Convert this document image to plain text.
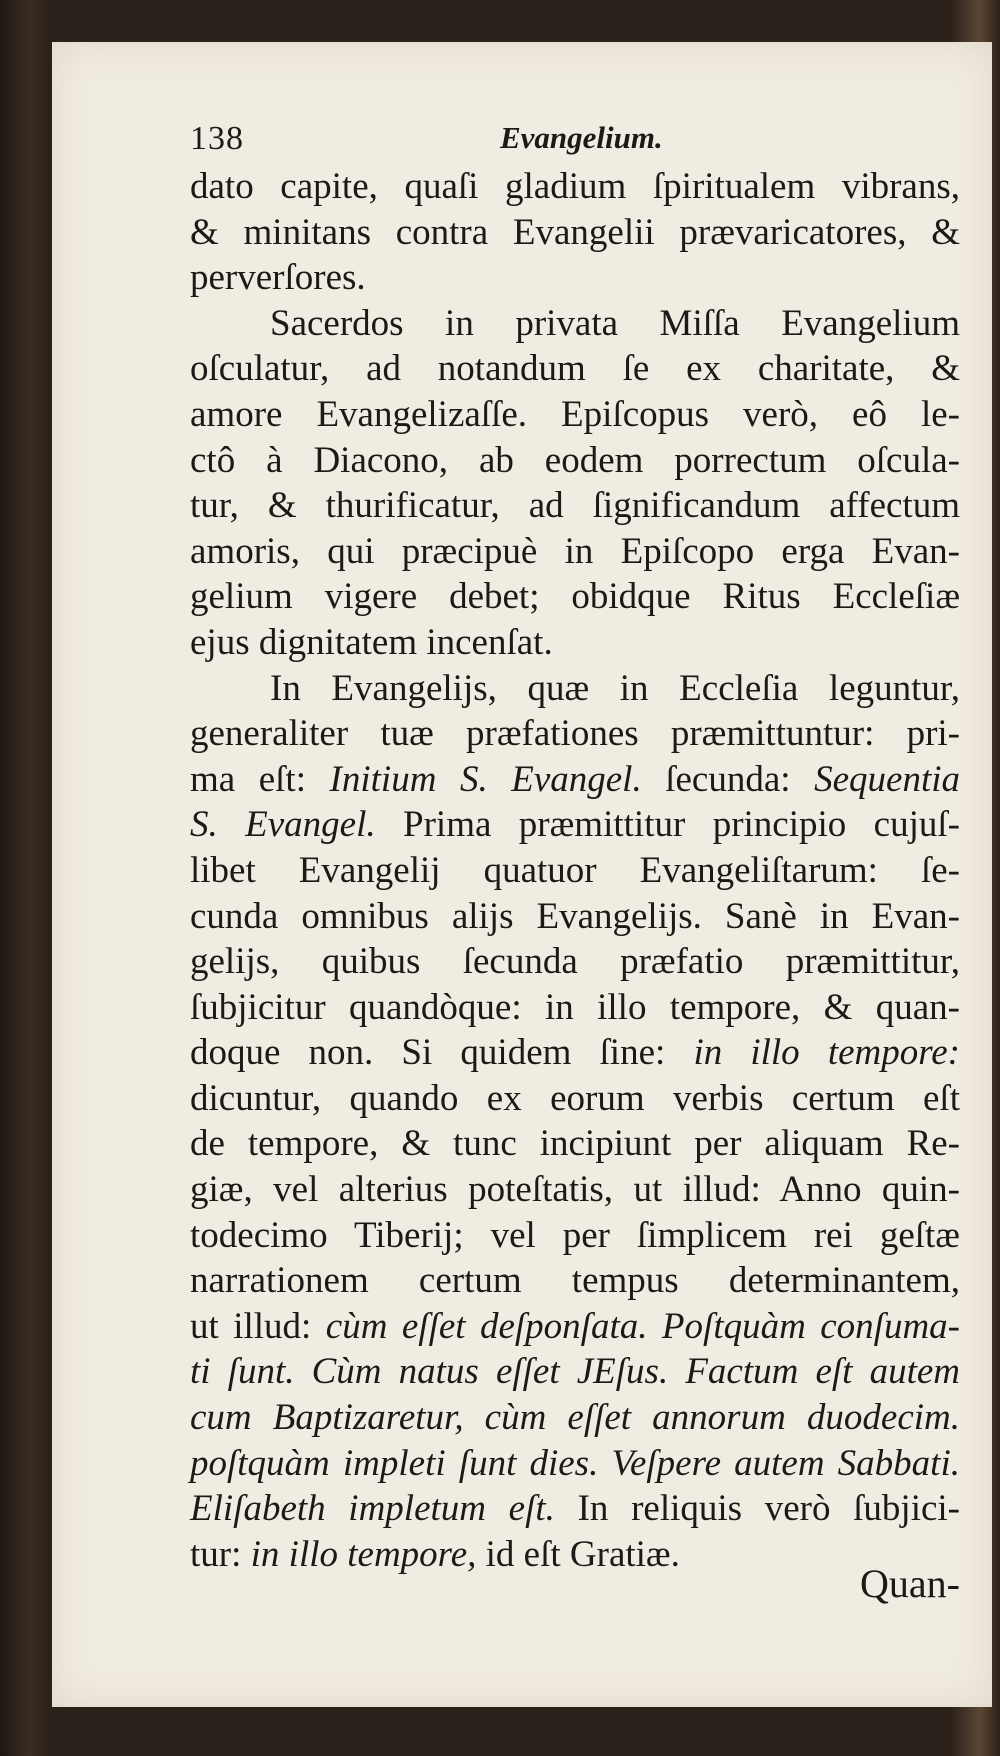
138	Evangelium.
dato capite, quaſi gladium ſpiritualem vibrans,
& minitans contra Evangelii prævaricatores, &
perverſores.
Sacerdos in privata Miſſa Evangelium
oſculatur, ad notandum ſe ex charitate, &
amore Evangelizaſſe. Epiſcopus verò, eô le-
ctô à Diacono, ab eodem porrectum oſcula-
tur, & thurificatur, ad ſignificandum affectum
amoris, qui præcipuè in Epiſcopo erga Evan-
gelium vigere debet; obidque Ritus Eccleſiæ
ejus dignitatem incenſat.
In Evangelijs, quæ in Eccleſia leguntur,
generaliter tuæ præfationes præmittuntur: pri-
ma eſt: Initium S. Evangel. ſecunda: Sequentia
S. Evangel. Prima præmittitur principio cujuſ-
libet Evangelij quatuor Evangeliſtarum: ſe-
cunda omnibus alijs Evangelijs. Sanè in Evan-
gelijs, quibus ſecunda præfatio præmittitur,
ſubjicitur quandòque: in illo tempore, & quan-
doque non. Si quidem ſine: in illo tempore:
dicuntur, quando ex eorum verbis certum eſt
de tempore, & tunc incipiunt per aliquam Re-
giæ, vel alterius poteſtatis, ut illud: Anno quin-
todecimo Tiberij; vel per ſimplicem rei geſtæ
narrationem certum tempus determinantem,
ut illud: cùm eſſet deſponſata. Poſtquàm conſuma-
ti ſunt. Cùm natus eſſet JEſus. Factum eſt autem
cum Baptizaretur, cùm eſſet annorum duodecim.
poſtquàm impleti ſunt dies. Veſpere autem Sabbati.
Eliſabeth impletum eſt. In reliquis verò ſubjici-
tur: in illo tempore, id eſt Gratiæ.
Quan-
